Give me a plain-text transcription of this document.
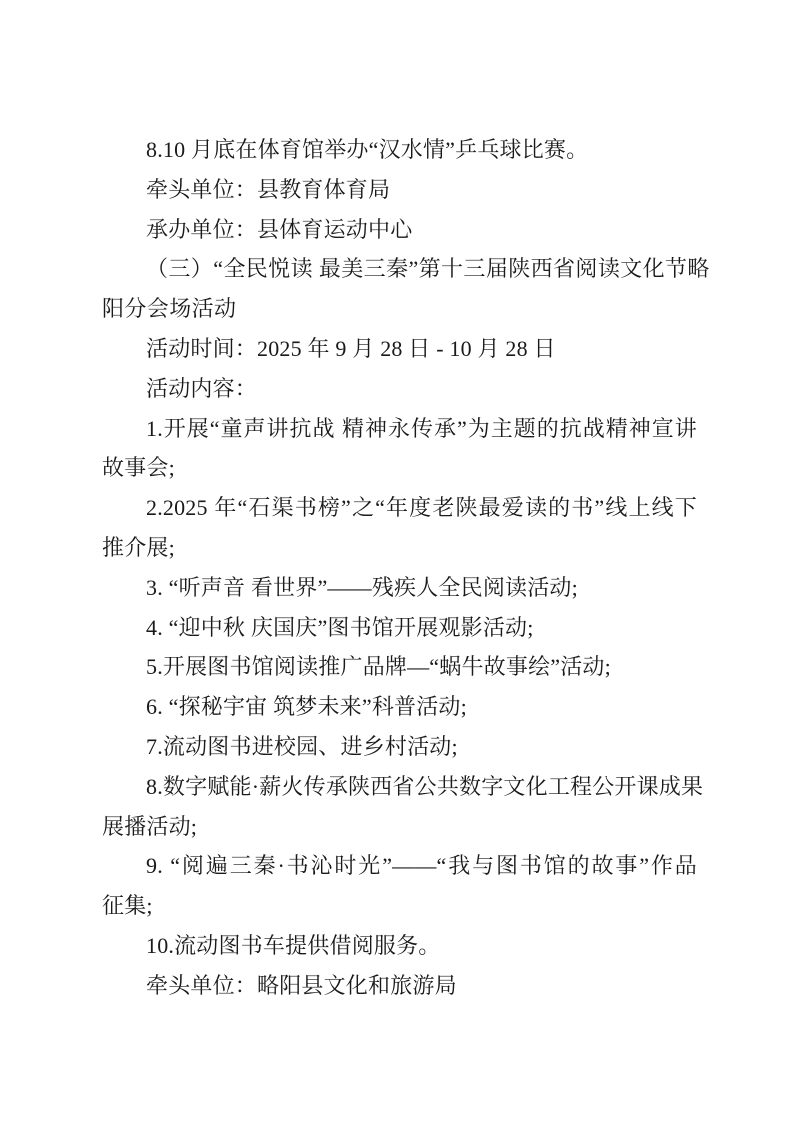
8.10 月底在体育馆举办“汉水情”乒乓球比赛。
牵头单位：县教育体育局
承办单位：县体育运动中心
（三）“全民悦读 最美三秦”第十三届陕西省阅读文化节略
阳分会场活动
活动时间：2025 年 9 月 28 日 - 10 月 28 日
活动内容：
1.开展“童声讲抗战 精神永传承”为主题的抗战精神宣讲
故事会;
2.2025 年“石渠书榜”之“年度老陕最爱读的书”线上线下
推介展;
3. “听声音 看世界”——残疾人全民阅读活动;
4. “迎中秋 庆国庆”图书馆开展观影活动;
5.开展图书馆阅读推广品牌—“蜗牛故事绘”活动;
6. “探秘宇宙 筑梦未来”科普活动;
7.流动图书进校园、进乡村活动;
8.数字赋能·薪火传承陕西省公共数字文化工程公开课成果
展播活动;
9. “阅遍三秦·书沁时光”——“我与图书馆的故事”作品
征集;
10.流动图书车提供借阅服务。
牵头单位：略阳县文化和旅游局
